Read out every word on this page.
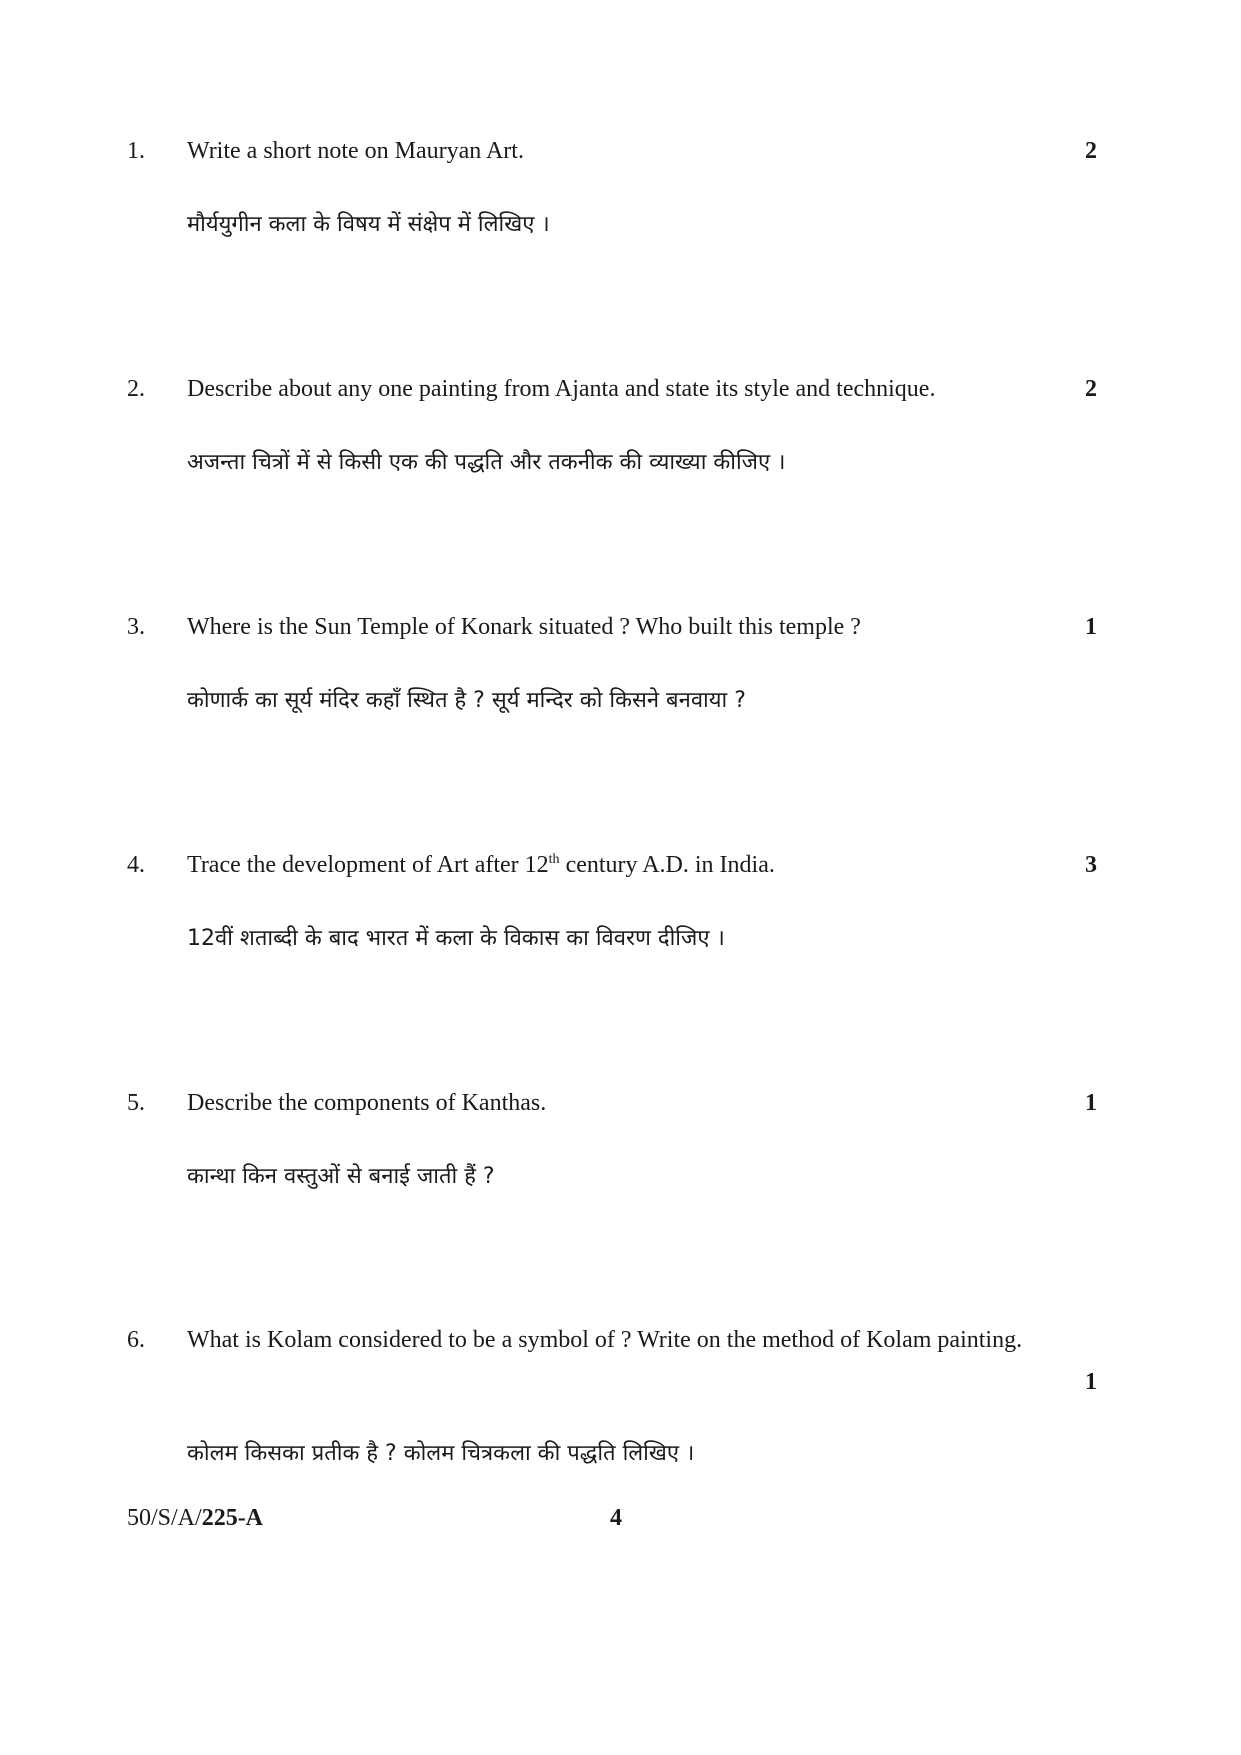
1. Write a short note on Mauryan Art.	2
मौर्ययुगीन कला के विषय में संक्षेप में लिखिए ।
2. Describe about any one painting from Ajanta and state its style and technique.	2
अजन्ता चित्रों में से किसी एक की पद्धति और तकनीक की व्याख्या कीजिए ।
3. Where is the Sun Temple of Konark situated ? Who built this temple ?	1
कोणार्क का सूर्य मंदिर कहाँ स्थित है ? सूर्य मन्दिर को किसने बनवाया ?
4. Trace the development of Art after 12th century A.D. in India.	3
12वीं शताब्दी के बाद भारत में कला के विकास का विवरण दीजिए ।
5. Describe the components of Kanthas.	1
कान्था किन वस्तुओं से बनाई जाती हैं ?
6. What is Kolam considered to be a symbol of ? Write on the method of Kolam painting.
1
कोलम किसका प्रतीक है ? कोलम चित्रकला की पद्धति लिखिए ।
50/S/A/225-A	4
